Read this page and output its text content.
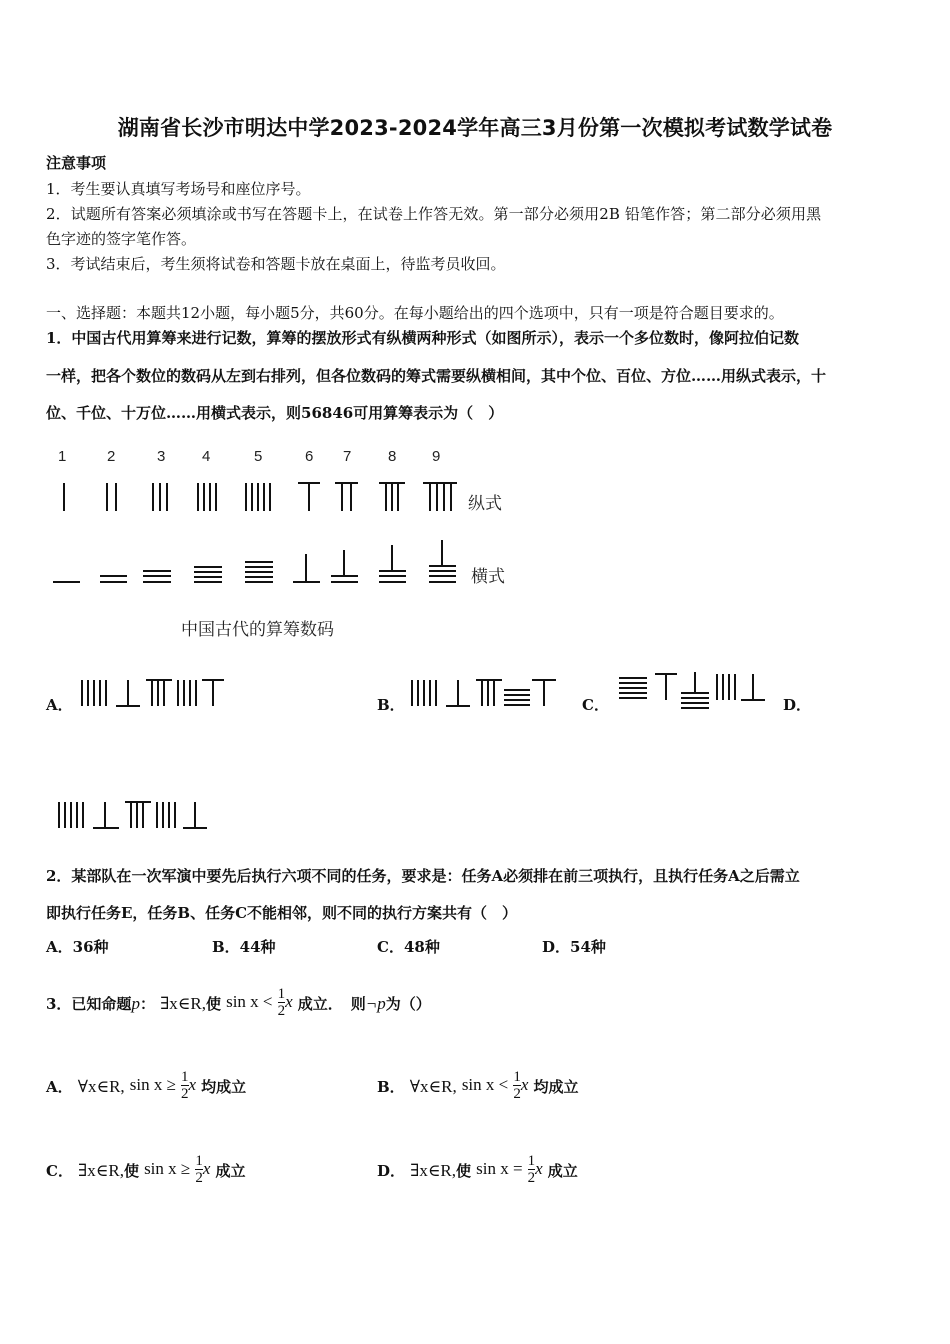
湖南省长沙市明达中学2023-2024学年高三3月份第一次模拟考试数学试卷
注意事项
1．考生要认真填写考场号和座位序号。
2．试题所有答案必须填涂或书写在答题卡上，在试卷上作答无效。第一部分必须用2B 铅笔作答；第二部分必须用黑
色字迹的签字笔作答。
3．考试结束后，考生须将试卷和答题卡放在桌面上，待监考员收回。
一、选择题：本题共12小题，每小题5分，共60分。在每小题给出的四个选项中，只有一项是符合题目要求的。
1．中国古代用算筹来进行记数，算筹的摆放形式有纵横两种形式（如图所示），表示一个多位数时，像阿拉伯记数
一样，把各个数位的数码从左到右排列，但各位数码的筹式需要纵横相间，其中个位、百位、方位……用纵式表示，十
位、千位、十万位……用横式表示，则56846可用算筹表示为（　）
1	2	3 4	5	6 7 8 9
纵式
横式
中国古代的算筹数码
A．	B．	C．	D．
2．某部队在一次军演中要先后执行六项不同的任务，要求是：任务A必须排在前三项执行，且执行任务A之后需立
即执行任务E，任务B、任务C不能相邻，则不同的执行方案共有（　）
A．36种	B．44种	C．48种	D．54种
3．已知命题p： ∃x∈R,使 $\sin x < \frac{1}{2}$ x 成立． 则¬p为（）
A． ∀x∈R, $\sin x \ge \frac{1}{2}$ x 均成立	B． ∀x∈R, $\sin x < \frac{1}{2}$ x 均成立
C． ∃x∈R,使 $\sin x \ge \frac{1}{2}$ x 成立	D． ∃x∈R,使 $\sin x = \frac{1}{2}$ x 成立
